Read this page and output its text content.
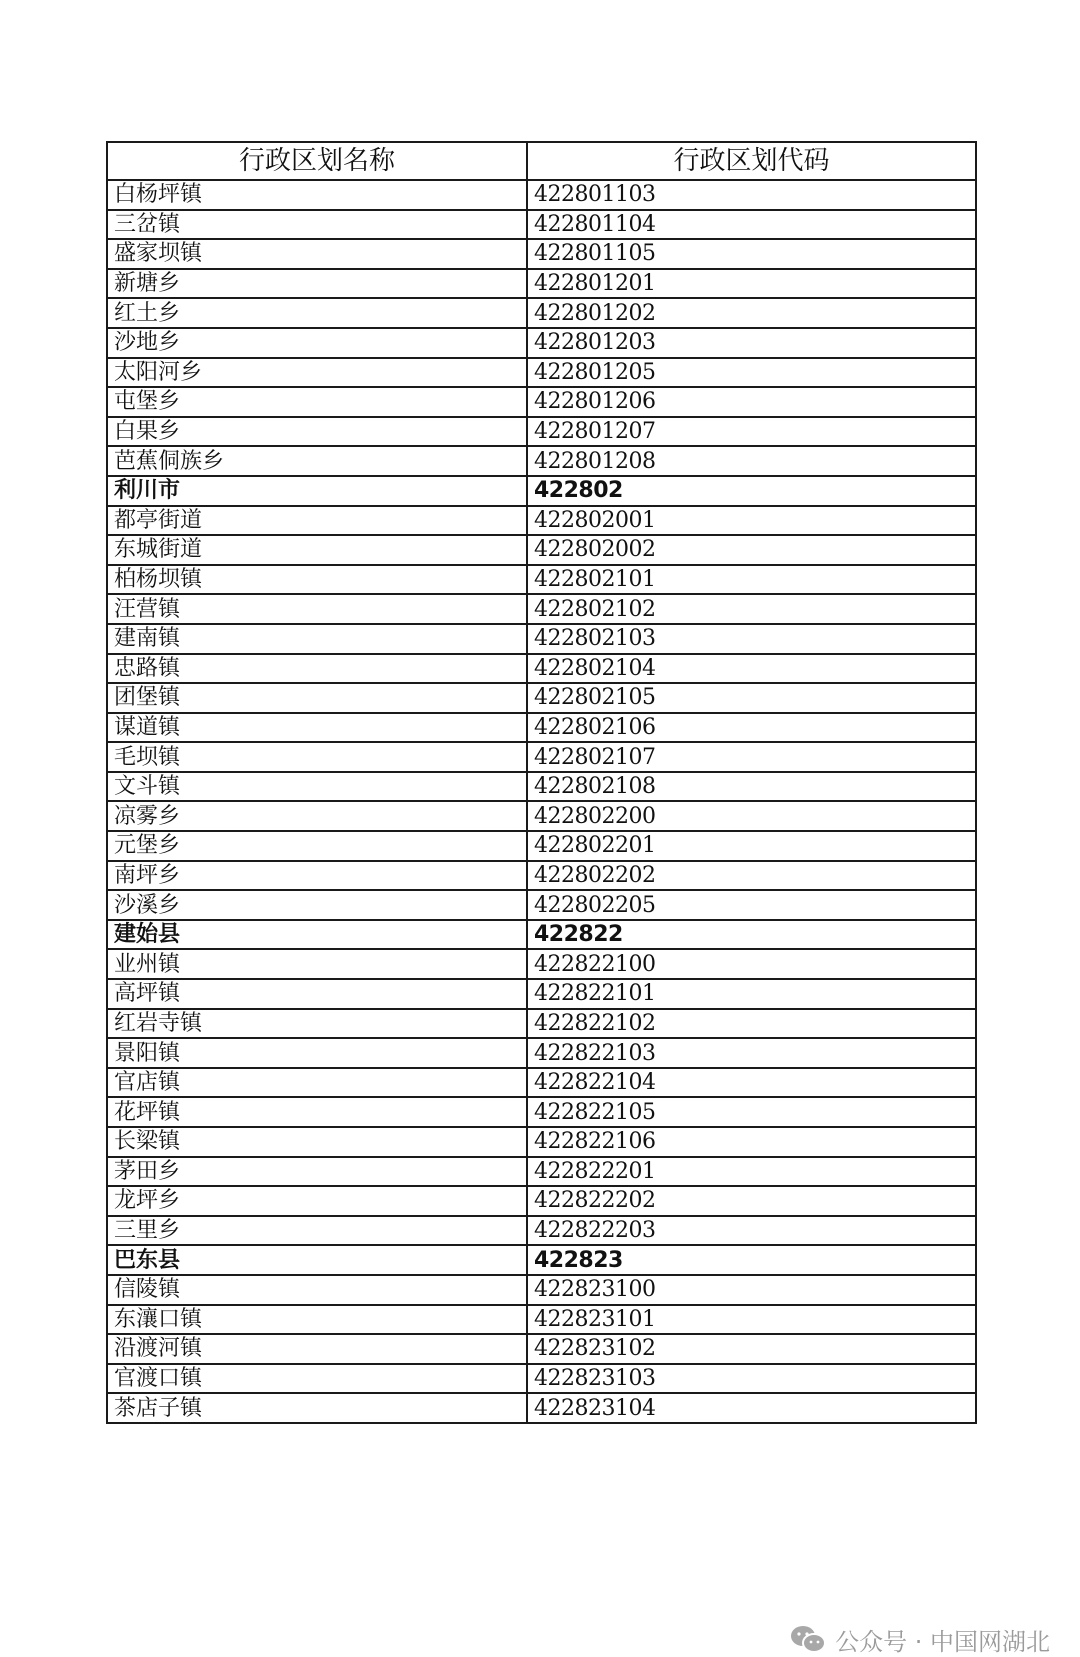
行政区划名称	行政区划代码
白杨坪镇	422801103
三岔镇	422801104
盛家坝镇	422801105
新塘乡	422801201
红土乡	422801202
沙地乡	422801203
太阳河乡	422801205
屯堡乡	422801206
白果乡	422801207
芭蕉侗族乡	422801208
利川市	422802
都亭街道	422802001
东城街道	422802002
柏杨坝镇	422802101
汪营镇	422802102
建南镇	422802103
忠路镇	422802104
团堡镇	422802105
谋道镇	422802106
毛坝镇	422802107
文斗镇	422802108
凉雾乡	422802200
元堡乡	422802201
南坪乡	422802202
沙溪乡	422802205
建始县	422822
业州镇	422822100
高坪镇	422822101
红岩寺镇	422822102
景阳镇	422822103
官店镇	422822104
花坪镇	422822105
长梁镇	422822106
茅田乡	422822201
龙坪乡	422822202
三里乡	422822203
巴东县	422823
信陵镇	422823100
东瀼口镇	422823101
沿渡河镇	422823102
官渡口镇	422823103
茶店子镇	422823104
公众号 · 中国网湖北
